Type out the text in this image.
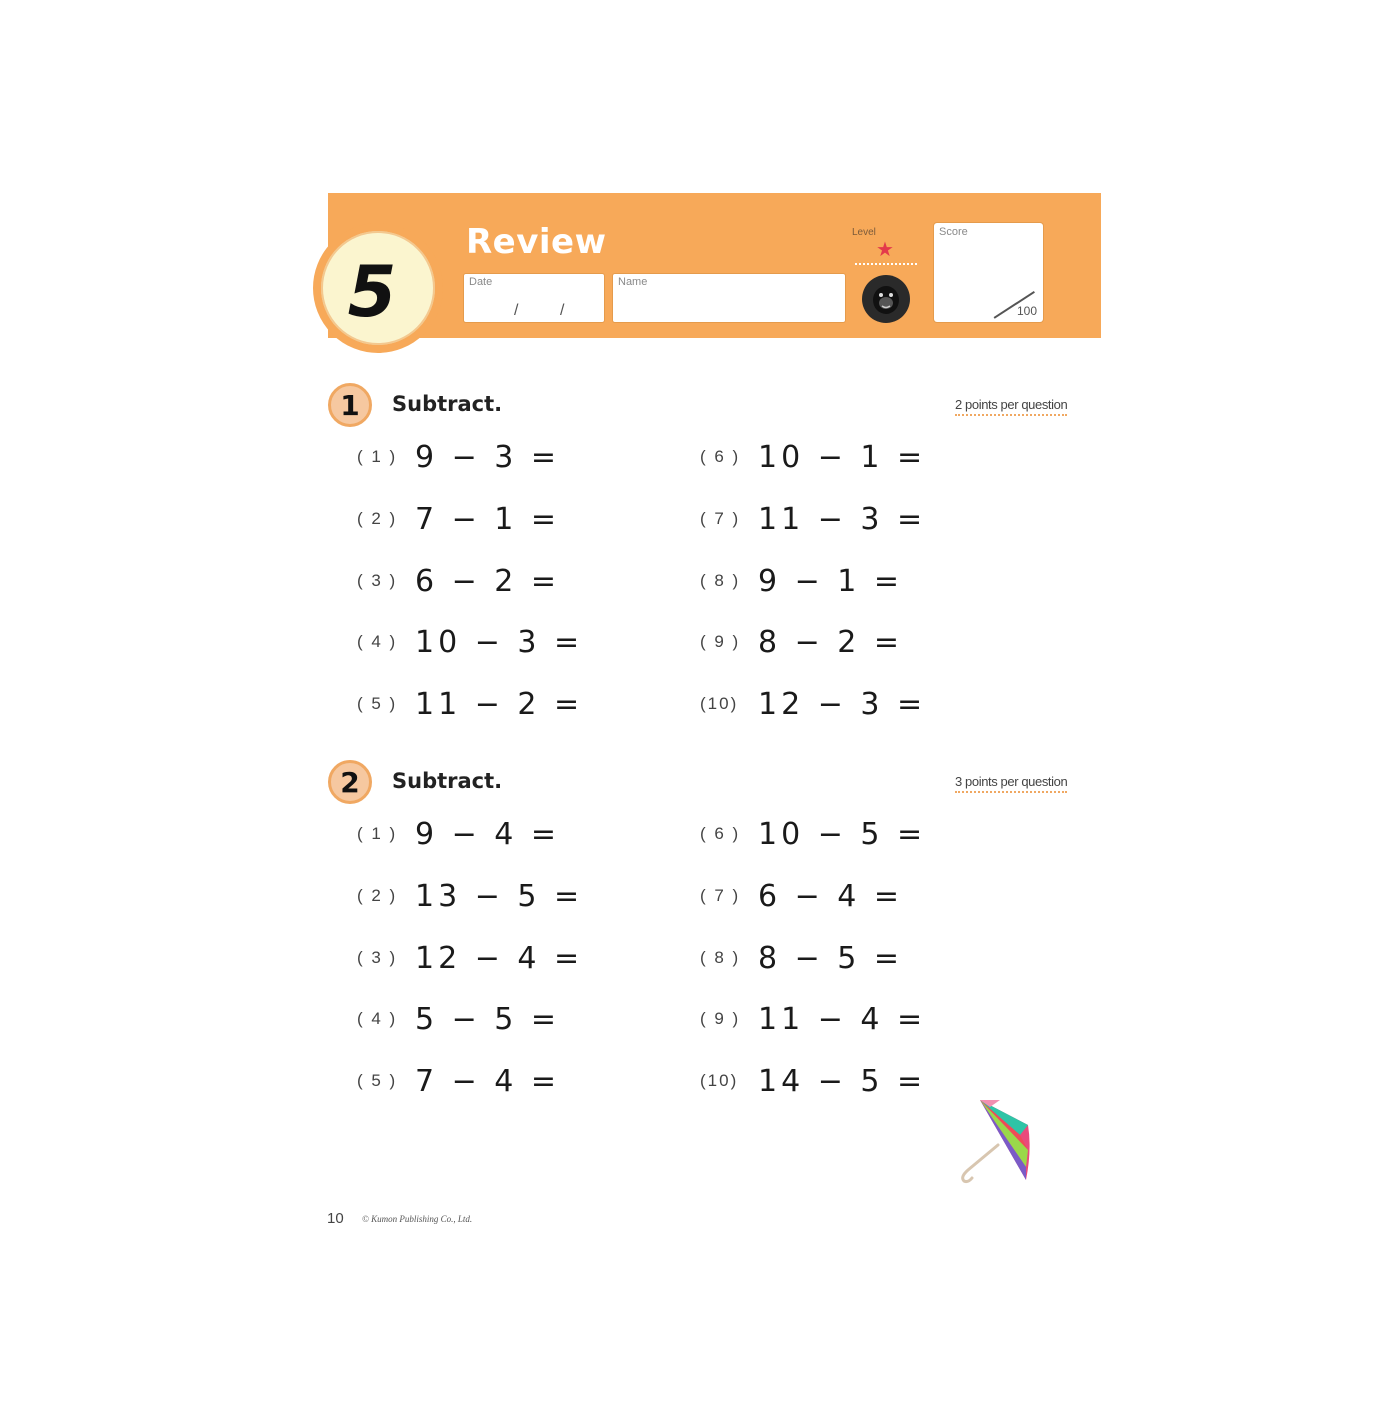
5
Review
Date
/	/
Name
Level
★
Score
100
1	Subtract.	2 points per question
( 1 ) 9 − 3 =
( 2 ) 7 − 1 =
( 3 ) 6 − 2 =
( 4 ) 10 − 3 =
( 5 ) 11 − 2 =
( 6 ) 10 − 1 =
( 7 ) 11 − 3 =
( 8 ) 9 − 1 =
( 9 ) 8 − 2 =
(10) 12 − 3 =
2	Subtract.	3 points per question
( 1 ) 9 − 4 =
( 2 ) 13 − 5 =
( 3 ) 12 − 4 =
( 4 ) 5 − 5 =
( 5 ) 7 − 4 =
( 6 ) 10 − 5 =
( 7 ) 6 − 4 =
( 8 ) 8 − 5 =
( 9 ) 11 − 4 =
(10) 14 − 5 =
10 © Kumon Publishing Co., Ltd.
